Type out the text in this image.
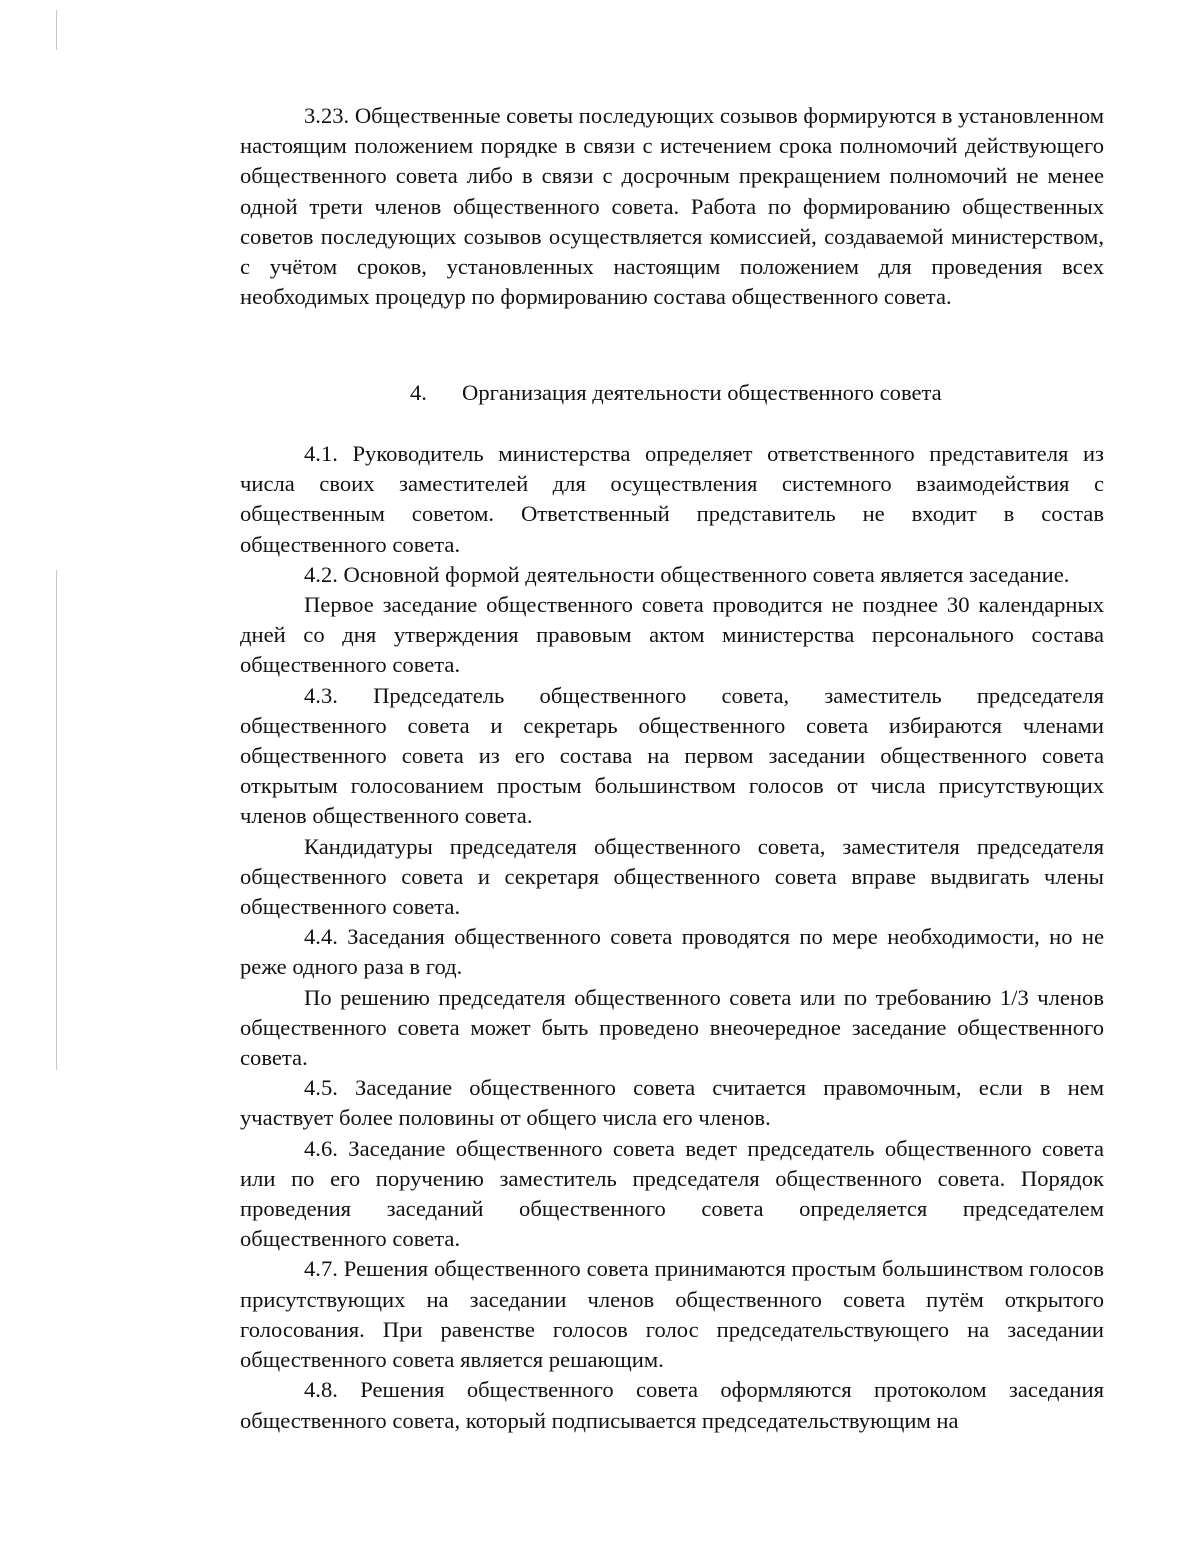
3.23. Общественные советы последующих созывов формируются в установленном настоящим положением порядке в связи с истечением срока полномочий действующего общественного совета либо в связи с досрочным прекращением полномочий не менее одной трети членов общественного совета. Работа по формированию общественных советов последующих созывов осуществляется комиссией, создаваемой министерством, с учётом сроков, установленных настоящим положением для проведения всех необходимых процедур по формированию состава общественного совета.

4. Организация деятельности общественного совета

4.1. Руководитель министерства определяет ответственного представителя из числа своих заместителей для осуществления системного взаимодействия с общественным советом. Ответственный представитель не входит в состав общественного совета.

4.2. Основной формой деятельности общественного совета является заседание.

Первое заседание общественного совета проводится не позднее 30 календарных дней со дня утверждения правовым актом министерства персонального состава общественного совета.

4.3. Председатель общественного совета, заместитель председателя общественного совета и секретарь общественного совета избираются членами общественного совета из его состава на первом заседании общественного совета открытым голосованием простым большинством голосов от числа присутствующих членов общественного совета.

Кандидатуры председателя общественного совета, заместителя председателя общественного совета и секретаря общественного совета вправе выдвигать члены общественного совета.

4.4. Заседания общественного совета проводятся по мере необходимости, но не реже одного раза в год.

По решению председателя общественного совета или по требованию 1/3 членов общественного совета может быть проведено внеочередное заседание общественного совета.

4.5. Заседание общественного совета считается правомочным, если в нем участвует более половины от общего числа его членов.

4.6. Заседание общественного совета ведет председатель общественного совета или по его поручению заместитель председателя общественного совета. Порядок проведения заседаний общественного совета определяется председателем общественного совета.

4.7. Решения общественного совета принимаются простым большинством голосов присутствующих на заседании членов общественного совета путём открытого голосования. При равенстве голосов голос председательствующего на заседании общественного совета является решающим.

4.8. Решения общественного совета оформляются протоколом заседания общественного совета, который подписывается председательствующим на
